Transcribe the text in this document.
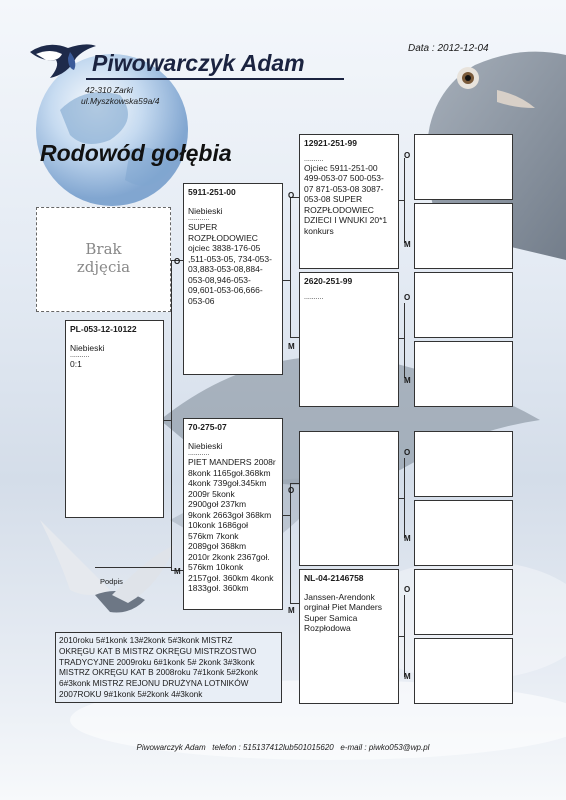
Piwowarczyk Adam
42-310 Zarki
ul.Myszkowska59a/4
Data : 2012-12-04
Rodowód gołębia
Brak
zdjęcia
PL-053-12-10122
Niebieski
..........
0:1
O
M
Podpis
5911-251-00
Niebieski
...........
SUPER
ROZPŁODOWIEC
ojciec 3838-176-05
,511-053-05, 734-053-
03,883-053-08,884-
053-08,946-053-
09,601-053-06,666-
053-06
70-275-07
Niebieski
...........
PIET MANDERS 2008r
8konk 1165goł.368km
4konk 739goł.345km
2009r 5konk
2900goł 237km
9konk 2663goł 368km
10konk 1686goł
576km 7konk
2089goł 368km
2010r 2konk 2367goł.
576km 10konk
2157goł. 360km 4konk
1833goł. 360km
O
M
O
M
12921-251-99
..........
Ojciec 5911-251-00
499-053-07 500-053-
07 871-053-08 3087-
053-08 SUPER
ROZPŁODOWIEC
DZIECI I WNUKI 20*1
konkurs
2620-251-99
..........
NL-04-2146758
Janssen-Arendonk
orginał Piet Manders
Super Samica
Rozpłodowa
O
M
O
M
O
M
O
M
2010roku 5#1konk 13#2konk 5#3konk MISTRZ
OKRĘGU KAT B MISTRZ OKRĘGU MISTRZOSTWO
TRADYCYJNE 2009roku 6#1konk 5# 2konk 3#3konk
MISTRZ OKRĘGU KAT B 2008roku 7#1konk 5#2konk
6#3konk MISTRZ REJONU DRUŻYNA LOTNIKÓW
2007ROKU 9#1konk 5#2konk 4#3konk
Piwowarczyk Adam   telefon : 515137412lub501015620   e-mail : piwko053@wp.pl
